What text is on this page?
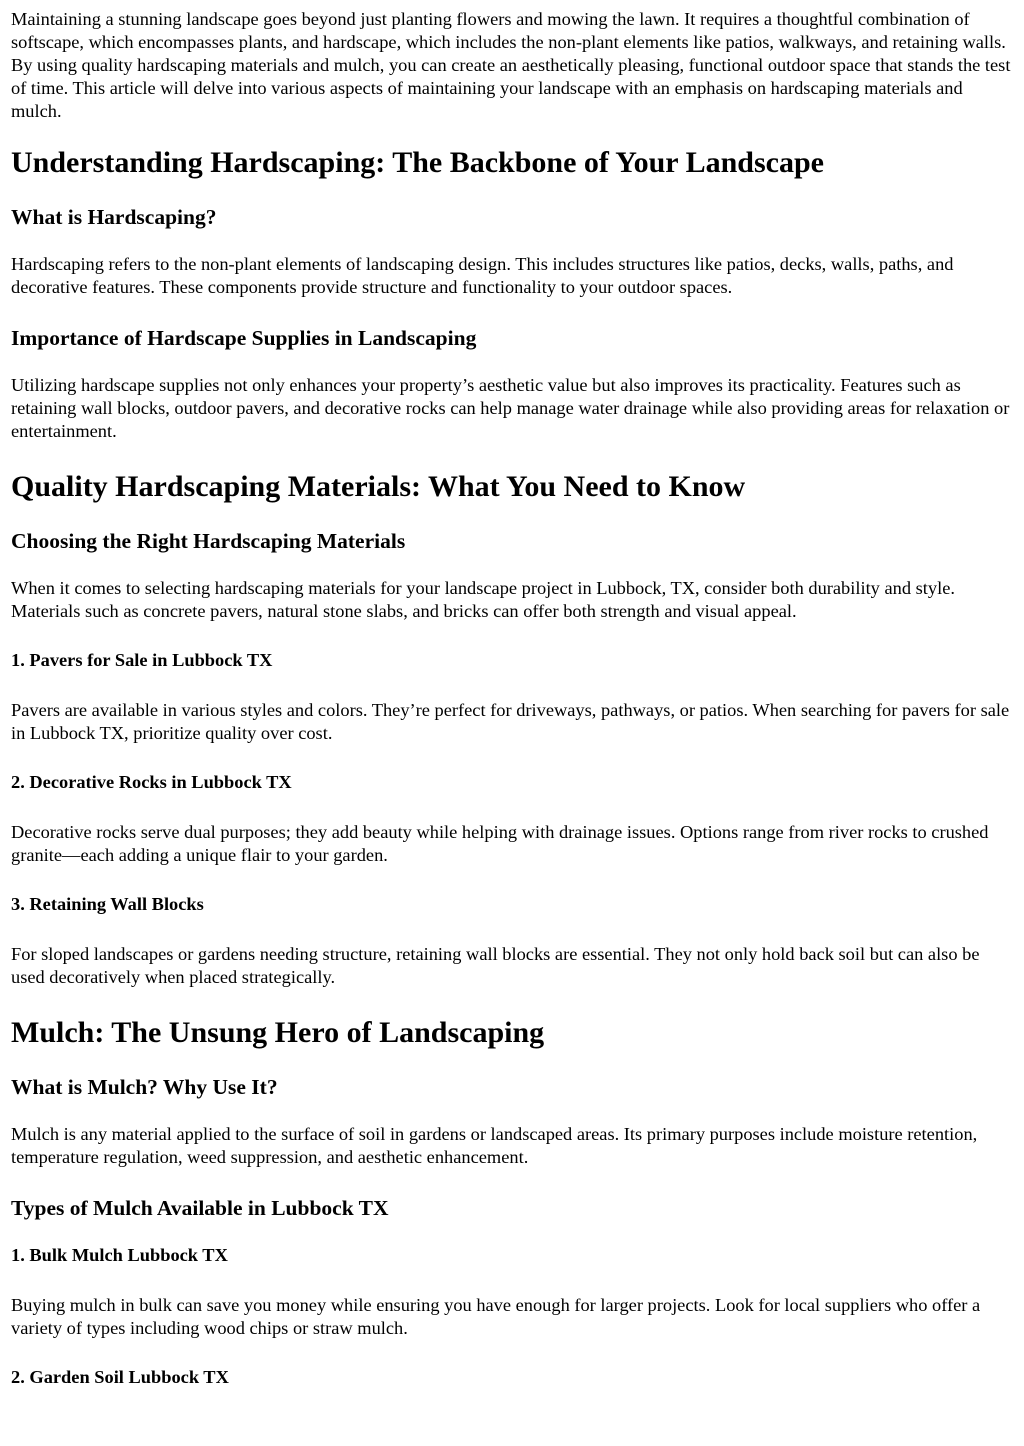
Maintaining a stunning landscape goes beyond just planting flowers and mowing the lawn. It requires a thoughtful combination of softscape, which encompasses plants, and hardscape, which includes the non-plant elements like patios, walkways, and retaining walls. By using quality hardscaping materials and mulch, you can create an aesthetically pleasing, functional outdoor space that stands the test of time. This article will delve into various aspects of maintaining your landscape with an emphasis on hardscaping materials and mulch.

Understanding Hardscaping: The Backbone of Your Landscape
What is Hardscaping?

Hardscaping refers to the non-plant elements of landscaping design. This includes structures like patios, decks, walls, paths, and decorative features. These components provide structure and functionality to your outdoor spaces.

Importance of Hardscape Supplies in Landscaping

Utilizing hardscape supplies not only enhances your property’s aesthetic value but also improves its practicality. Features such as retaining wall blocks, outdoor pavers, and decorative rocks can help manage water drainage while also providing areas for relaxation or entertainment.

Quality Hardscaping Materials: What You Need to Know
Choosing the Right Hardscaping Materials

When it comes to selecting hardscaping materials for your landscape project in Lubbock, TX, consider both durability and style. Materials such as concrete pavers, natural stone slabs, and bricks can offer both strength and visual appeal.

1. Pavers for Sale in Lubbock TX

Pavers are available in various styles and colors. They’re perfect for driveways, pathways, or patios. When searching for pavers for sale in Lubbock TX, prioritize quality over cost.

2. Decorative Rocks in Lubbock TX

Decorative rocks serve dual purposes; they add beauty while helping with drainage issues. Options range from river rocks to crushed granite—each adding a unique flair to your garden.

3. Retaining Wall Blocks

For sloped landscapes or gardens needing structure, retaining wall blocks are essential. They not only hold back soil but can also be used decoratively when placed strategically.

Mulch: The Unsung Hero of Landscaping
What is Mulch? Why Use It?

Mulch is any material applied to the surface of soil in gardens or landscaped areas. Its primary purposes include moisture retention, temperature regulation, weed suppression, and aesthetic enhancement.

Types of Mulch Available in Lubbock TX
1. Bulk Mulch Lubbock TX

Buying mulch in bulk can save you money while ensuring you have enough for larger projects. Look for local suppliers who offer a variety of types including wood chips or straw mulch.

2. Garden Soil Lubbock TX
